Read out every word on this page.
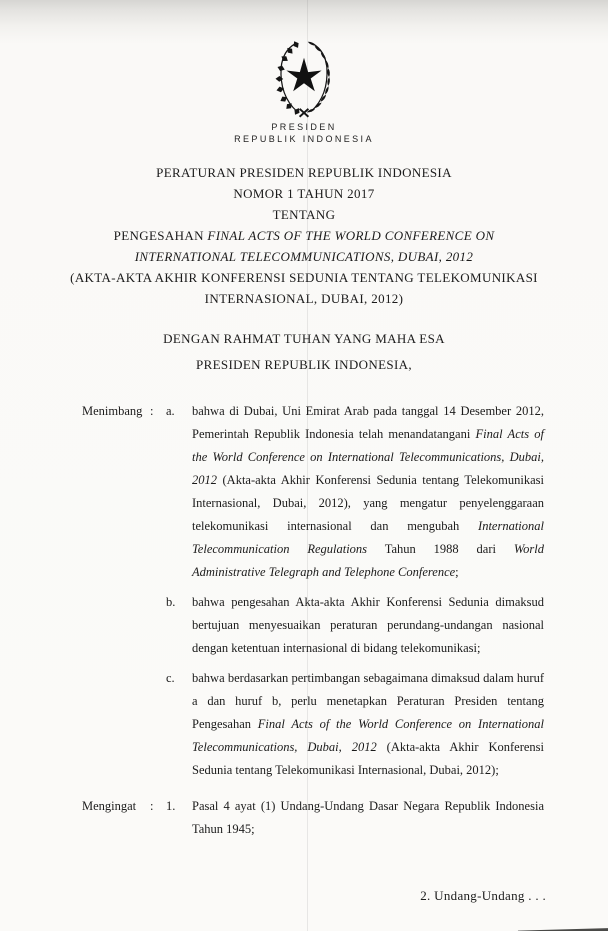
PRESIDEN
REPUBLIK INDONESIA
PERATURAN PRESIDEN REPUBLIK INDONESIA
NOMOR 1 TAHUN 2017
TENTANG
PENGESAHAN FINAL ACTS OF THE WORLD CONFERENCE ON
INTERNATIONAL TELECOMMUNICATIONS, DUBAI, 2012
(AKTA-AKTA AKHIR KONFERENSI SEDUNIA TENTANG TELEKOMUNIKASI
INTERNASIONAL, DUBAI, 2012)
DENGAN RAHMAT TUHAN YANG MAHA ESA
PRESIDEN REPUBLIK INDONESIA,
Menimbang :	a.	bahwa di Dubai, Uni Emirat Arab pada tanggal 14 Desember 2012, Pemerintah Republik Indonesia telah menandatangani Final Acts of the World Conference on International Telecommunications, Dubai, 2012 (Akta-akta Akhir Konferensi Sedunia tentang Telekomunikasi Internasional, Dubai, 2012), yang mengatur penyelenggaraan telekomunikasi internasional dan mengubah International Telecommunication Regulations Tahun 1988 dari World Administrative Telegraph and Telephone Conference;
b.	bahwa pengesahan Akta-akta Akhir Konferensi Sedunia dimaksud bertujuan menyesuaikan peraturan perundang-undangan nasional dengan ketentuan internasional di bidang telekomunikasi;
c.	bahwa berdasarkan pertimbangan sebagaimana dimaksud dalam huruf a dan huruf b, perlu menetapkan Peraturan Presiden tentang Pengesahan Final Acts of the World Conference on International Telecommunications, Dubai, 2012 (Akta-akta Akhir Konferensi Sedunia tentang Telekomunikasi Internasional, Dubai, 2012);
Mengingat	:	1.	Pasal 4 ayat (1) Undang-Undang Dasar Negara Republik Indonesia Tahun 1945;
2. Undang-Undang . . .
